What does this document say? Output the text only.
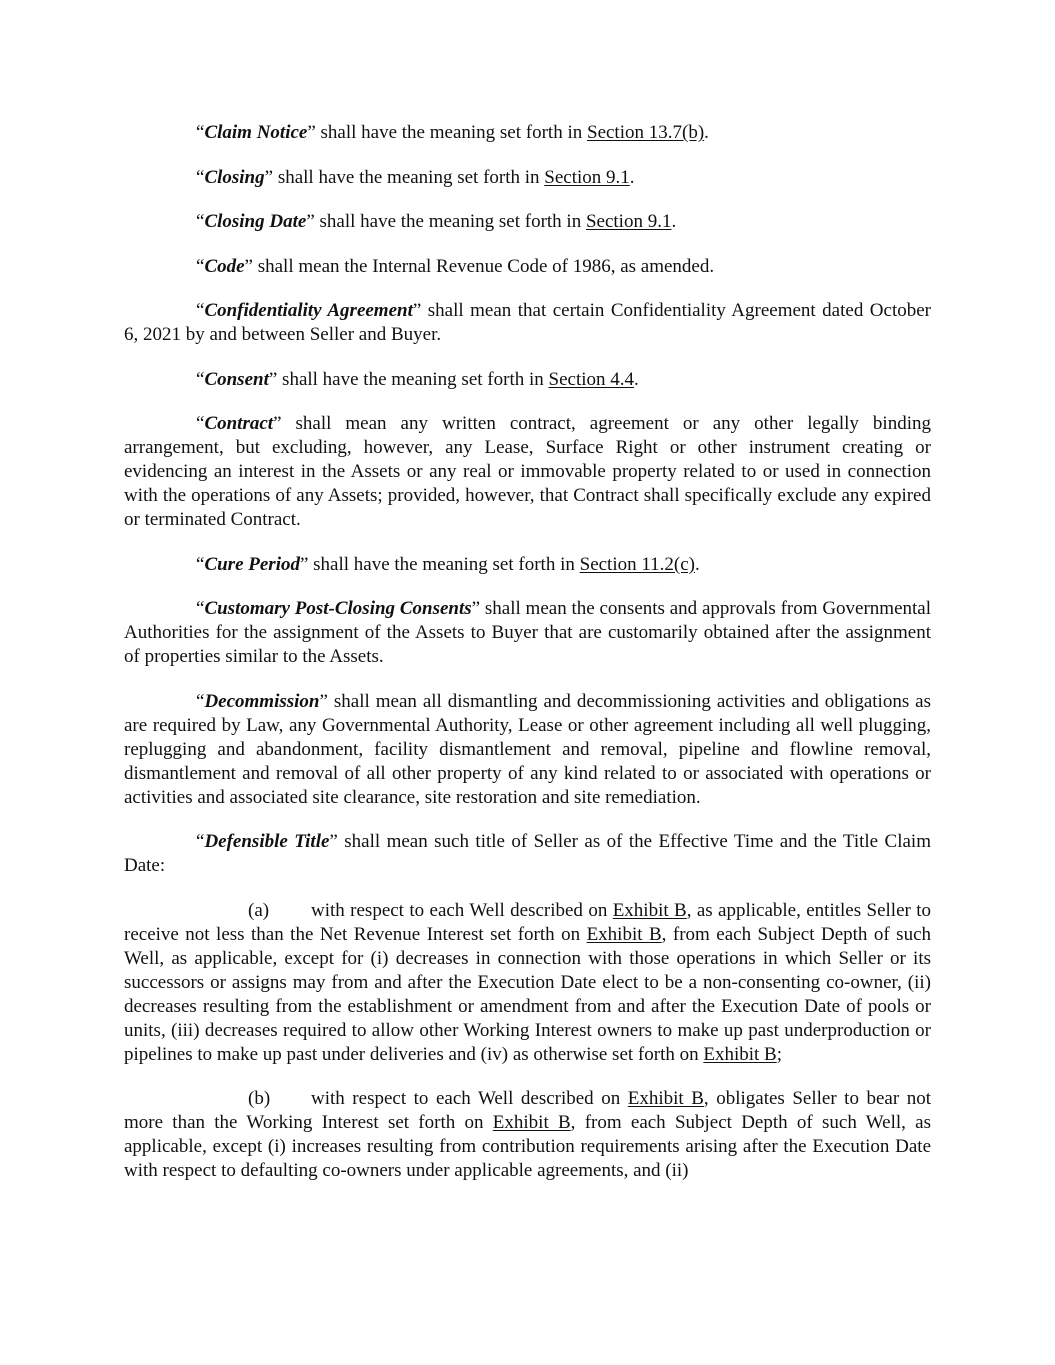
“Claim Notice” shall have the meaning set forth in Section 13.7(b).

“Closing” shall have the meaning set forth in Section 9.1.

“Closing Date” shall have the meaning set forth in Section 9.1.

“Code” shall mean the Internal Revenue Code of 1986, as amended.

“Confidentiality Agreement” shall mean that certain Confidentiality Agreement dated October 6, 2021 by and between Seller and Buyer.

“Consent” shall have the meaning set forth in Section 4.4.

“Contract” shall mean any written contract, agreement or any other legally binding arrangement, but excluding, however, any Lease, Surface Right or other instrument creating or evidencing an interest in the Assets or any real or immovable property related to or used in connection with the operations of any Assets; provided, however, that Contract shall specifically exclude any expired or terminated Contract.

“Cure Period” shall have the meaning set forth in Section 11.2(c).

“Customary Post-Closing Consents” shall mean the consents and approvals from Governmental Authorities for the assignment of the Assets to Buyer that are customarily obtained after the assignment of properties similar to the Assets.

“Decommission” shall mean all dismantling and decommissioning activities and obligations as are required by Law, any Governmental Authority, Lease or other agreement including all well plugging, replugging and abandonment, facility dismantlement and removal, pipeline and flowline removal, dismantlement and removal of all other property of any kind related to or associated with operations or activities and associated site clearance, site restoration and site remediation.

“Defensible Title” shall mean such title of Seller as of the Effective Time and the Title Claim Date:

(a) with respect to each Well described on Exhibit B, as applicable, entitles Seller to receive not less than the Net Revenue Interest set forth on Exhibit B, from each Subject Depth of such Well, as applicable, except for (i) decreases in connection with those operations in which Seller or its successors or assigns may from and after the Execution Date elect to be a non-consenting co-owner, (ii) decreases resulting from the establishment or amendment from and after the Execution Date of pools or units, (iii) decreases required to allow other Working Interest owners to make up past underproduction or pipelines to make up past under deliveries and (iv) as otherwise set forth on Exhibit B;

(b) with respect to each Well described on Exhibit B, obligates Seller to bear not more than the Working Interest set forth on Exhibit B, from each Subject Depth of such Well, as applicable, except (i) increases resulting from contribution requirements arising after the Execution Date with respect to defaulting co-owners under applicable agreements, and (ii)
